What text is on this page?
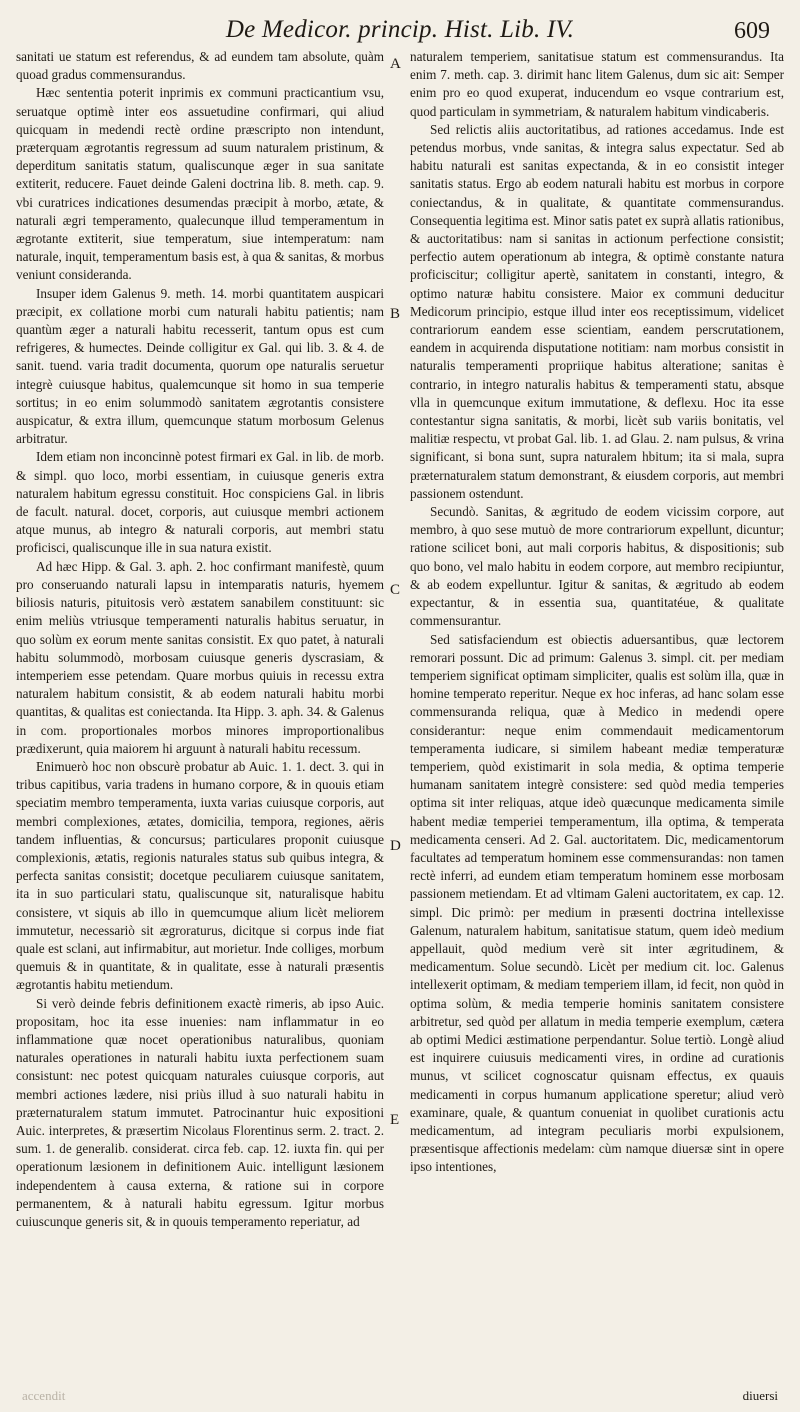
De Medicor. princip. Hist. Lib. IV.	609

sanitati ue statum est referendus, & ad eundem tam absolute, quàm quoad gradus commensurandus.

Hæc sententia poterit inprimis ex communi practicantium vsu, seruatque optimè inter eos assuetudine confirmari, qui aliud quicquam in medendi rectè ordine præscripto non intendunt, præterquam ægrotantis regressum ad suum naturalem pristinum, & deperditum sanitatis statum, qualiscunque æger in sua sanitate extiterit, reducere. Fauet deinde Galeni doctrina lib. 8. meth. cap. 9. vbi curatrices indicationes desumendas præcipit à morbo, ætate, & naturali ægri temperamento, qualecunque illud temperamentum in ægrotante extiterit, siue temperatum, siue intemperatum: nam naturale, inquit, temperamentum basis est, à qua & sanitas, & morbus veniunt consideranda.

Insuper idem Galenus 9. meth. 14. morbi quantitatem auspicari præcipit, ex collatione morbi cum naturali habitu patientis; nam quantùm æger a naturali habitu recesserit, tantum opus est cum refrigeres, & humectes. Deinde colligitur ex Gal. qui lib. 3. & 4. de sanit. tuend. varia tradit documenta, quorum ope naturalis seruetur integrè cuiusque habitus, qualemcunque sit homo in sua temperie sortitus; in eo enim solummodò sanitatem ægrotantis consistere auspicatur, & extra illum, quemcunque statum morbosum Gelenus arbitratur.

Idem etiam non inconcinnè potest firmari ex Gal. in lib. de morb. & simpl. quo loco, morbi essentiam, in cuiusque generis extra naturalem habitum egressu constituit. Hoc conspiciens Gal. in libris de facult. natural. docet, corporis, aut cuiusque membri actionem atque munus, ab integro & naturali corporis, aut membri statu proficisci, qualiscunque ille in sua natura existit.

Ad hæc Hipp. & Gal. 3. aph. 2. hoc confirmant manifestè, quum pro conseruando naturali lapsu in intemparatis naturis, hyemem biliosis naturis, pituitosis verò æstatem sanabilem constituunt: sic enim meliùs vtriusque temperamenti naturalis habitus seruatur, in quo solùm ex eorum mente sanitas consistit. Ex quo patet, à naturali habitu solummodò, morbosam cuiusque generis dyscrasiam, & intemperiem esse petendam. Quare morbus quiuis in recessu extra naturalem habitum consistit, & ab eodem naturali habitu morbi quantitas, & qualitas est coniectanda. Ita Hipp. 3. aph. 34. & Galenus in com. proportionales morbos minores improportionalibus prædixerunt, quia maiorem hi arguunt à naturali habitu recessum.

Enimuerò hoc non obscurè probatur ab Auic. 1. 1. dect. 3. qui in tribus capitibus, varia tradens in humano corpore, & in quouis etiam speciatim membro temperamenta, iuxta varias cuiusque corporis, aut membri complexiones, ætates, domicilia, tempora, regiones, aëris tandem influentias, & concursus; particulares proponit cuiusque complexionis, ætatis, regionis naturales status sub quibus integra, & perfecta sanitas consistit; docetque peculiarem cuiusque sanitatem, ita in suo particulari statu, qualiscunque sit, naturalisque habitu consistere, vt siquis ab illo in quemcumque alium licèt meliorem immutetur, necessariò sit ægroraturus, dicitque si corpus inde fiat quale est sclani, aut infirmabitur, aut morietur. Inde colliges, morbum quemuis & in quantitate, & in qualitate, esse à naturali præsentis ægrotantis habitu metiendum.

Si verò deinde febris definitionem exactè rimeris, ab ipso Auic. propositam, hoc ita esse inuenies: nam inflammatur in eo inflammatione quæ nocet operationibus naturalibus, quoniam naturales operationes in naturali habitu iuxta perfectionem suam consistunt: nec potest quicquam naturales cuiusque corporis, aut membri actiones lædere, nisi priùs illud à suo naturali habitu in præternaturalem statum immutet. Patrocinantur huic expositioni Auic. interpretes, & præsertim Nicolaus Florentinus serm. 2. tract. 2. sum. 1. de generalib. considerat. circa feb. cap. 12. iuxta fin. qui per operationum læsionem in definitionem Auic. intelligunt læsionem independentem à causa externa, & ratione sui in corpore permanentem, & à naturali habitu egressum. Igitur morbus cuiuscunque generis sit, & in quouis temperamento reperiatur, ad

A
B
C
D
E

naturalem temperiem, sanitatisue statum est commensurandus. Ita enim 7. meth. cap. 3. dirimit hanc litem Galenus, dum sic ait: Semper enim pro eo quod exuperat, inducendum eo vsque contrarium est, quod particulam in symmetriam, & naturalem habitum vindicaberis.

Sed relictis aliis auctoritatibus, ad rationes accedamus. Inde est petendus morbus, vnde sanitas, & integra salus expectatur. Sed ab habitu naturali est sanitas expectanda, & in eo consistit integer sanitatis status. Ergo ab eodem naturali habitu est morbus in corpore coniectandus, & in qualitate, & quantitate commensurandus. Consequentia legitima est. Minor satis patet ex suprà allatis rationibus, & auctoritatibus: nam si sanitas in actionum perfectione consistit; perfectio autem operationum ab integra, & optimè constante natura proficiscitur; colligitur apertè, sanitatem in constanti, integro, & optimo naturæ habitu consistere. Maior ex communi deducitur Medicorum principio, estque illud inter eos receptissimum, videlicet contrariorum eandem esse scientiam, eandem perscrutationem, eandem in acquirenda disputatione notitiam: nam morbus consistit in naturalis temperamenti propriique habitus alteratione; sanitas è contrario, in integro naturalis habitus & temperamenti statu, absque vlla in quemcunque exitum immutatione, & deflexu. Hoc ita esse contestantur signa sanitatis, & morbi, licèt sub variis bonitatis, vel malitiæ respectu, vt probat Gal. lib. 1. ad Glau. 2. nam pulsus, & vrina significant, si bona sunt, supra naturalem hbitum; ita si mala, supra præternaturalem statum demonstrant, & eiusdem corporis, aut membri passionem ostendunt.

Secundò. Sanitas, & ægritudo de eodem vicissim corpore, aut membro, à quo sese mutuò de more contrariorum expellunt, dicuntur; ratione scilicet boni, aut mali corporis habitus, & dispositionis; sub quo bono, vel malo habitu in eodem corpore, aut membro recipiuntur, & ab eodem expelluntur. Igitur & sanitas, & ægritudo ab eodem expectantur, & in essentia sua, quantitatéue, & qualitate commensurantur.

Sed satisfaciendum est obiectis aduersantibus, quæ lectorem remorari possunt. Dic ad primum: Galenus 3. simpl. cit. per mediam temperiem significat optimam simpliciter, qualis est solùm illa, quæ in homine temperato reperitur. Neque ex hoc inferas, ad hanc solam esse commensuranda reliqua, quæ à Medico in medendi opere considerantur: neque enim commendauit medicamentorum temperamenta iudicare, si similem habeant mediæ temperaturæ temperiem, quòd existimarit in sola media, & optima temperie humanam sanitatem integrè consistere: sed quòd media temperies optima sit inter reliquas, atque ideò quæcunque medicamenta simile habent mediæ temperiei temperamentum, illa optima, & temperata medicamenta censeri. Ad 2. Gal. auctoritatem. Dic, medicamentorum facultates ad temperatum hominem esse commensurandas: non tamen rectè inferri, ad eundem etiam temperatum hominem esse morbosam passionem metiendam. Et ad vltimam Galeni auctoritatem, ex cap. 12. simpl. Dic primò: per medium in præsenti doctrina intellexisse Galenum, naturalem habitum, sanitatisue statum, quem ideò medium appellauit, quòd medium verè sit inter ægritudinem, & medicamentum. Solue secundò. Licèt per medium cit. loc. Galenus intellexerit optimam, & mediam temperiem illam, id fecit, non quòd in optima solùm, & media temperie hominis sanitatem consistere arbitretur, sed quòd per allatum in media temperie exemplum, cætera ab optimi Medici æstimatione perpendantur. Solue tertiò. Longè aliud est inquirere cuiusuis medicamenti vires, in ordine ad curationis munus, vt scilicet cognoscatur quisnam effectus, ex quauis medicamenti in corpus humanum applicatione speretur; aliud verò examinare, quale, & quantum conueniat in quolibet curationis actu medicamentum, ad integram peculiaris morbi expulsionem, præsentisque affectionis medelam: cùm namque diuersæ sint in opere ipso intentiones,

accendit	diuersi
